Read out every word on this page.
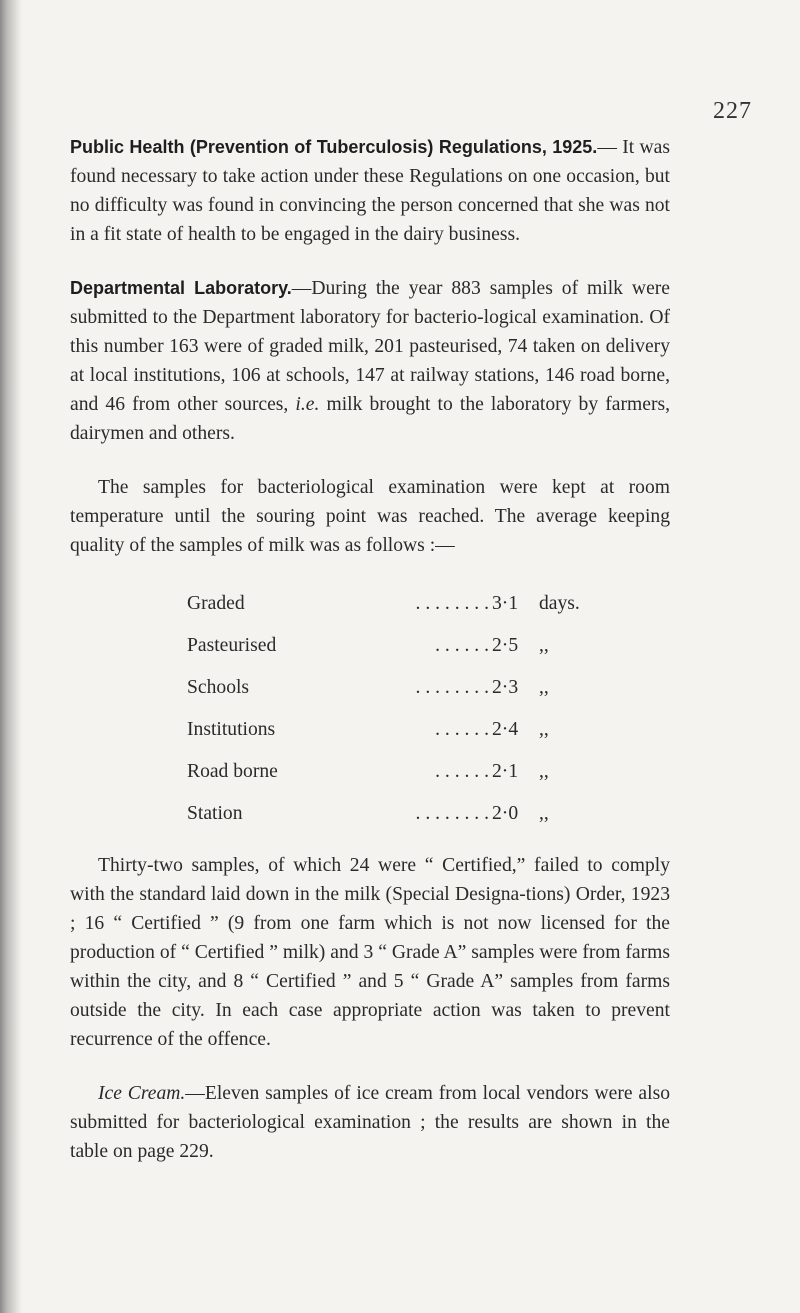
227

Public Health (Prevention of Tuberculosis) Regulations, 1925.— It was found necessary to take action under these Regulations on one occasion, but no difficulty was found in convincing the person concerned that she was not in a fit state of health to be engaged in the dairy business.

Departmental Laboratory.—During the year 883 samples of milk were submitted to the Department laboratory for bacterio-logical examination. Of this number 163 were of graded milk, 201 pasteurised, 74 taken on delivery at local institutions, 106 at schools, 147 at railway stations, 146 road borne, and 46 from other sources, i.e. milk brought to the laboratory by farmers, dairymen and others.

The samples for bacteriological examination were kept at room temperature until the souring point was reached. The average keeping quality of the samples of milk was as follows :—

Graded	. . . . . . . . 3·1 days.
Pasteurised	. . . . . . 2·5 ,,
Schools	. . . . . . . . 2·3 ,,
Institutions	. . . . . . 2·4 ,,
Road borne	. . . . . . 2·1 ,,
Station	. . . . . . . . 2·0 ,,

Thirty-two samples, of which 24 were “ Certified,” failed to comply with the standard laid down in the milk (Special Designa-tions) Order, 1923 ; 16 “ Certified ” (9 from one farm which is not now licensed for the production of “ Certified ” milk) and 3 “ Grade A” samples were from farms within the city, and 8 “ Certified ” and 5 “ Grade A” samples from farms outside the city. In each case appropriate action was taken to prevent recurrence of the offence.

Ice Cream.—Eleven samples of ice cream from local vendors were also submitted for bacteriological examination ; the results are shown in the table on page 229.
